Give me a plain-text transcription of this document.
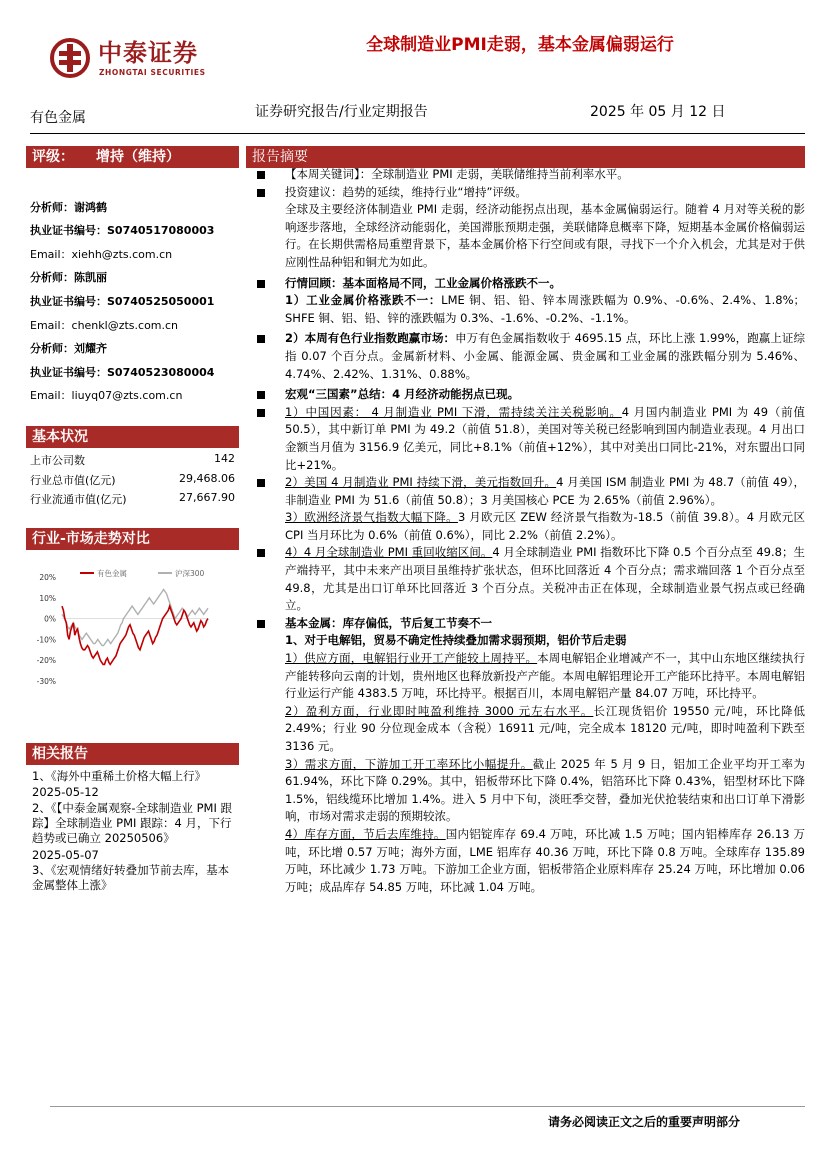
中泰证券
ZHONGTAI SECURITIES
全球制造业PMI走弱，基本金属偏弱运行
有色金属	证券研究报告/行业定期报告	2025 年 05 月 12 日
评级： 增持（维持）
分析师：谢鸿鹤
执业证书编号：S0740517080003
Email：xiehh@zts.com.cn
分析师：陈凯丽
执业证书编号：S0740525050001
Email：chenkl@zts.com.cn
分析师：刘耀齐
执业证书编号：S0740523080004
Email：liuyq07@zts.com.cn
基本状况
上市公司数	142
行业总市值(亿元)	29,468.06
行业流通市值(亿元)	27,667.90
行业-市场走势对比
20%
10%
0%
-10%
-20%
-30%
有色金属	沪深300
相关报告
1、《海外中重稀土价格大幅上行》
2025-05-12
2、《【中泰金属观察-全球制造业 PMI 跟踪】全球制造业 PMI 跟踪：4 月，下行趋势或已确立 20250506》
2025-05-07
3、《宏观情绪好转叠加节前去库，基本金属整体上涨》
报告摘要
【本周关键词】：全球制造业 PMI 走弱，美联储维持当前利率水平。
投资建议：趋势的延续，维持行业“增持”评级。
全球及主要经济体制造业 PMI 走弱，经济动能拐点出现，基本金属偏弱运行。随着 4 月对等关税的影响逐步落地，全球经济动能弱化，美国滞胀预期走强，美联储降息概率下降，短期基本金属价格偏弱运行。在长期供需格局重塑背景下，基本金属价格下行空间或有限，寻找下一个介入机会，尤其是对于供应刚性品种铝和铜尤为如此。
行情回顾：基本面格局不同，工业金属价格涨跌不一。
1）工业金属价格涨跌不一：LME 铜、铝、铅、锌本周涨跌幅为 0.9%、-0.6%、2.4%、1.8%；SHFE 铜、铝、铅、锌的涨跌幅为 0.3%、-1.6%、-0.2%、-1.1%。
2）本周有色行业指数跑赢市场：申万有色金属指数收于 4695.15 点，环比上涨 1.99%，跑赢上证综指 0.07 个百分点。金属新材料、小金属、能源金属、贵金属和工业金属的涨跌幅分别为 5.46%、4.74%、2.42%、1.31%、0.88%。
宏观“三国素”总结：4 月经济动能拐点已现。
1）中国因素： 4 月制造业 PMI 下滑，需持续关注关税影响。4 月国内制造业 PMI 为 49（前值 50.5），其中新订单 PMI 为 49.2（前值 51.8），美国对等关税已经影响到国内制造业表现。4 月出口金额当月值为 3156.9 亿美元，同比+8.1%（前值+12%），其中对美出口同比-21%，对东盟出口同比+21%。
2）美国 4 月制造业 PMI 持续下滑，美元指数回升。4 月美国 ISM 制造业 PMI 为 48.7（前值 49），非制造业 PMI 为 51.6（前值 50.8）；3 月美国核心 PCE 为 2.65%（前值 2.96%）。
3）欧洲经济景气指数大幅下降。3 月欧元区 ZEW 经济景气指数为-18.5（前值 39.8）。4 月欧元区 CPI 当月环比为 0.6%（前值 0.6%），同比 2.2%（前值 2.2%）。
4）4 月全球制造业 PMI 重回收缩区间。4 月全球制造业 PMI 指数环比下降 0.5 个百分点至 49.8；生产端持平，其中未来产出项目虽维持扩张状态，但环比回落近 4 个百分点；需求端回落 1 个百分点至 49.8，尤其是出口订单环比回落近 3 个百分点。关税冲击正在体现，全球制造业景气拐点或已经确立。
基本金属：库存偏低，节后复工节奏不一
1、对于电解铝，贸易不确定性持续叠加需求弱预期，铝价节后走弱
1）供应方面，电解铝行业开工产能较上周持平。本周电解铝企业增减产不一，其中山东地区继续执行产能转移向云南的计划，贵州地区也释放新投产产能。本周电解铝理论开工产能环比持平。本周电解铝行业运行产能 4383.5 万吨，环比持平。根据百川，本周电解铝产量 84.07 万吨，环比持平。
2）盈利方面，行业即时吨盈利维持 3000 元左右水平。长江现货铝价 19550 元/吨，环比降低 2.49%；行业 90 分位现金成本（含税）16911 元/吨，完全成本 18120 元/吨，即时吨盈利下跌至 3136 元。
3）需求方面，下游加工开工率环比小幅提升。截止 2025 年 5 月 9 日，铝加工企业平均开工率为 61.94%，环比下降 0.29%。其中，铝板带环比下降 0.4%，铝箔环比下降 0.43%，铝型材环比下降 1.5%，铝线缆环比增加 1.4%。进入 5 月中下旬，淡旺季交替，叠加光伏抢装结束和出口订单下滑影响，市场对需求走弱的预期较浓。
4）库存方面，节后去库维持。国内铝锭库存 69.4 万吨，环比减 1.5 万吨；国内铝棒库存 26.13 万吨，环比增 0.57 万吨；海外方面，LME 铝库存 40.36 万吨，环比下降 0.8 万吨。全球库存 135.89 万吨，环比减少 1.73 万吨。下游加工企业方面，铝板带箔企业原料库存 25.24 万吨，环比增加 0.06 万吨；成品库存 54.85 万吨，环比减 1.04 万吨。
请务必阅读正文之后的重要声明部分
